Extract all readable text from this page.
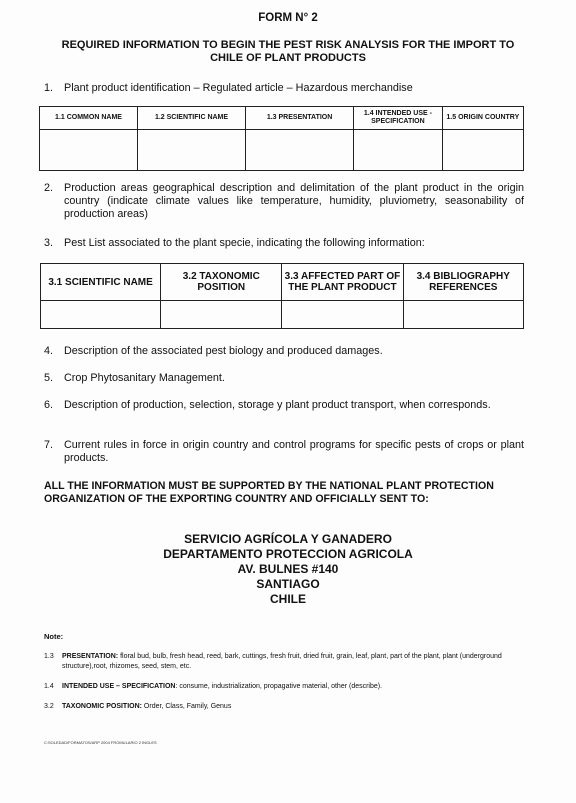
FORM N° 2
REQUIRED INFORMATION TO BEGIN THE PEST RISK ANALYSIS FOR THE IMPORT TO CHILE OF PLANT PRODUCTS
1.	Plant product identification – Regulated article – Hazardous merchandise
1.1 COMMON NAME	1.2 SCIENTIFIC NAME	1.3 PRESENTATION	1.4 INTENDED USE - SPECIFICATION	1.5 ORIGIN COUNTRY

2.	Production areas geographical description and delimitation of the plant product in the origin country (indicate climate values like temperature, humidity, pluviometry, seasonability of production areas)
3.	Pest List associated to the plant specie, indicating the following information:
3.1 SCIENTIFIC NAME	3.2 TAXONOMIC POSITION	3.3 AFFECTED PART OF THE PLANT PRODUCT	3.4 BIBLIOGRAPHY REFERENCES

4.	Description of the associated pest biology and produced damages.
5.	Crop Phytosanitary Management.
6.	Description of production, selection, storage y plant product transport, when corresponds.
7.	Current rules in force in origin country and control programs for specific pests of crops or plant products.
ALL THE INFORMATION MUST BE SUPPORTED BY THE NATIONAL PLANT PROTECTION ORGANIZATION OF THE EXPORTING COUNTRY AND OFFICIALLY SENT TO:
SERVICIO AGRÍCOLA Y GANADERO
DEPARTAMENTO PROTECCION AGRICOLA
AV. BULNES #140
SANTIAGO
CHILE
Note:
1.3	PRESENTATION: floral bud, bulb, fresh head, reed, bark, cuttings, fresh fruit, dried fruit, grain, leaf, plant, part of the plant, plant (underground structure),root, rhizomes, seed, stem, etc.
1.4	INTENDED USE – SPECIFICATION: consume, industrialization, propagative material, other (describe).
3.2	TAXONOMIC POSITION: Order, Class, Family, Genus
C:SOLEDAD/FORMATOS/ARP 2004 FROMULARIO 2 INGLES
